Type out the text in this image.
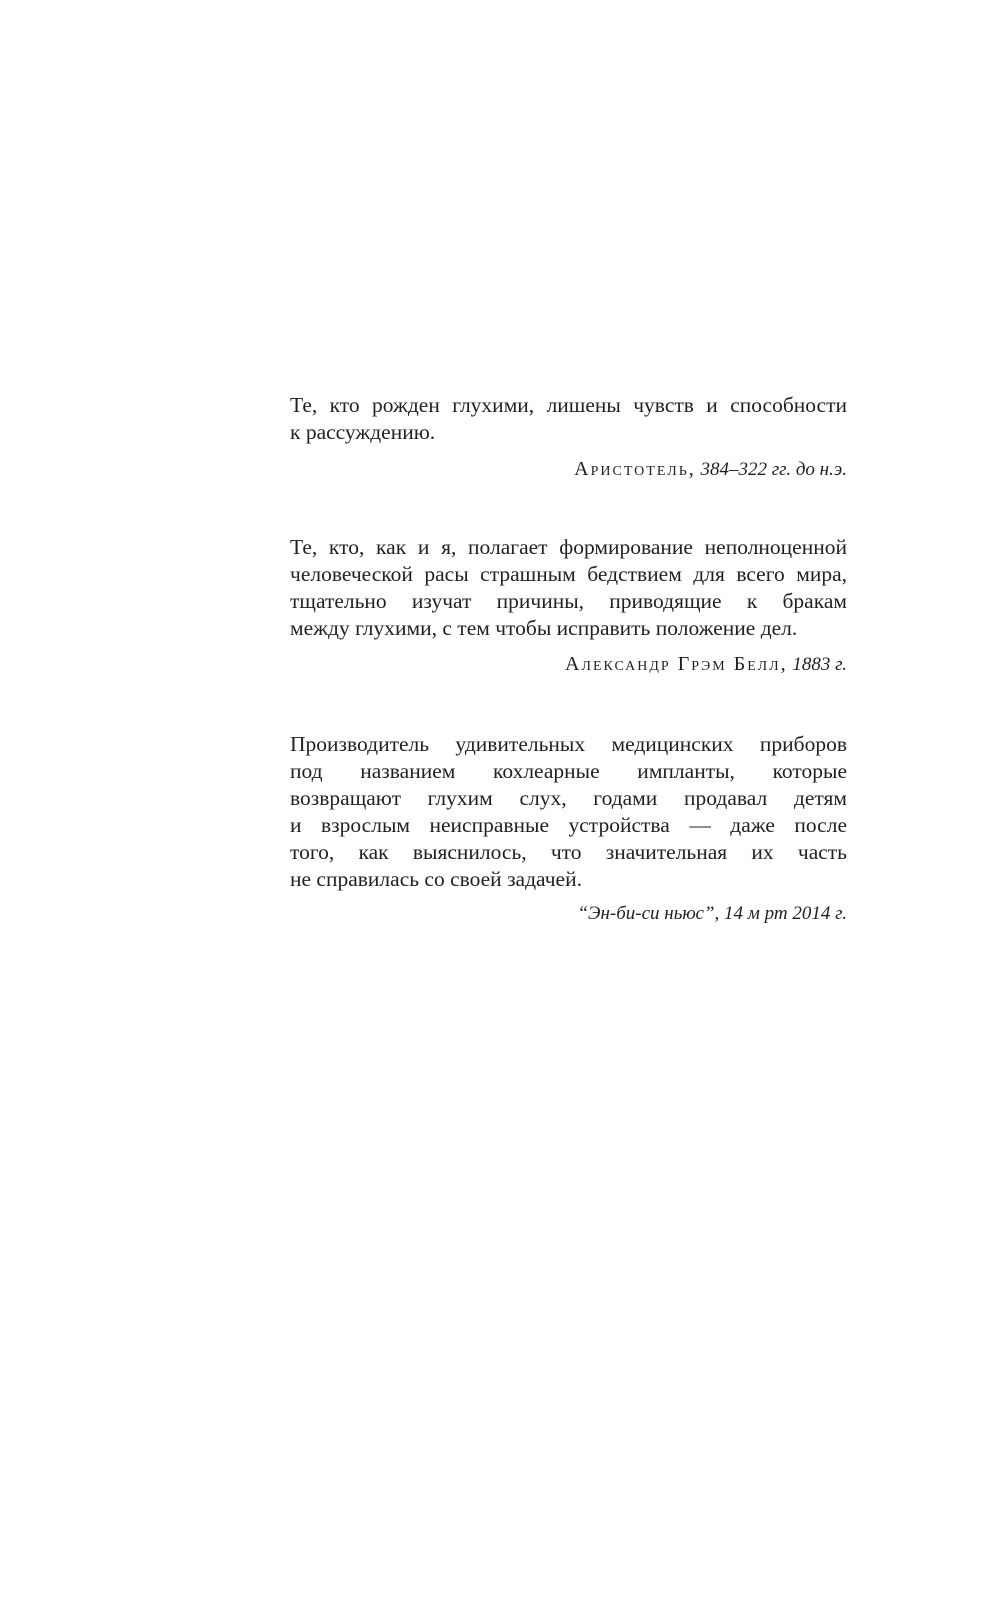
Те, кто рожден глухими, лишены чувств и способности
к рассуждению.

Аристотель, 384–322 гг. до н.э.

Те, кто, как и я, полагает формирование неполноценной
человеческой расы страшным бедствием для всего мира,
тщательно изучат причины, приводящие к бракам
между глухими, с тем чтобы исправить положение дел.

Александр Грэм Белл, 1883 г.

Производитель удивительных медицинских приборов
под названием кохлеарные импланты, которые
возвращают глухим слух, годами продавал детям
и взрослым неисправные устройства — даже после
того, как выяснилось, что значительная их часть
не справилась со своей задачей.

“Эн-би-си ньюс”, 14 м рт 2014 г.
